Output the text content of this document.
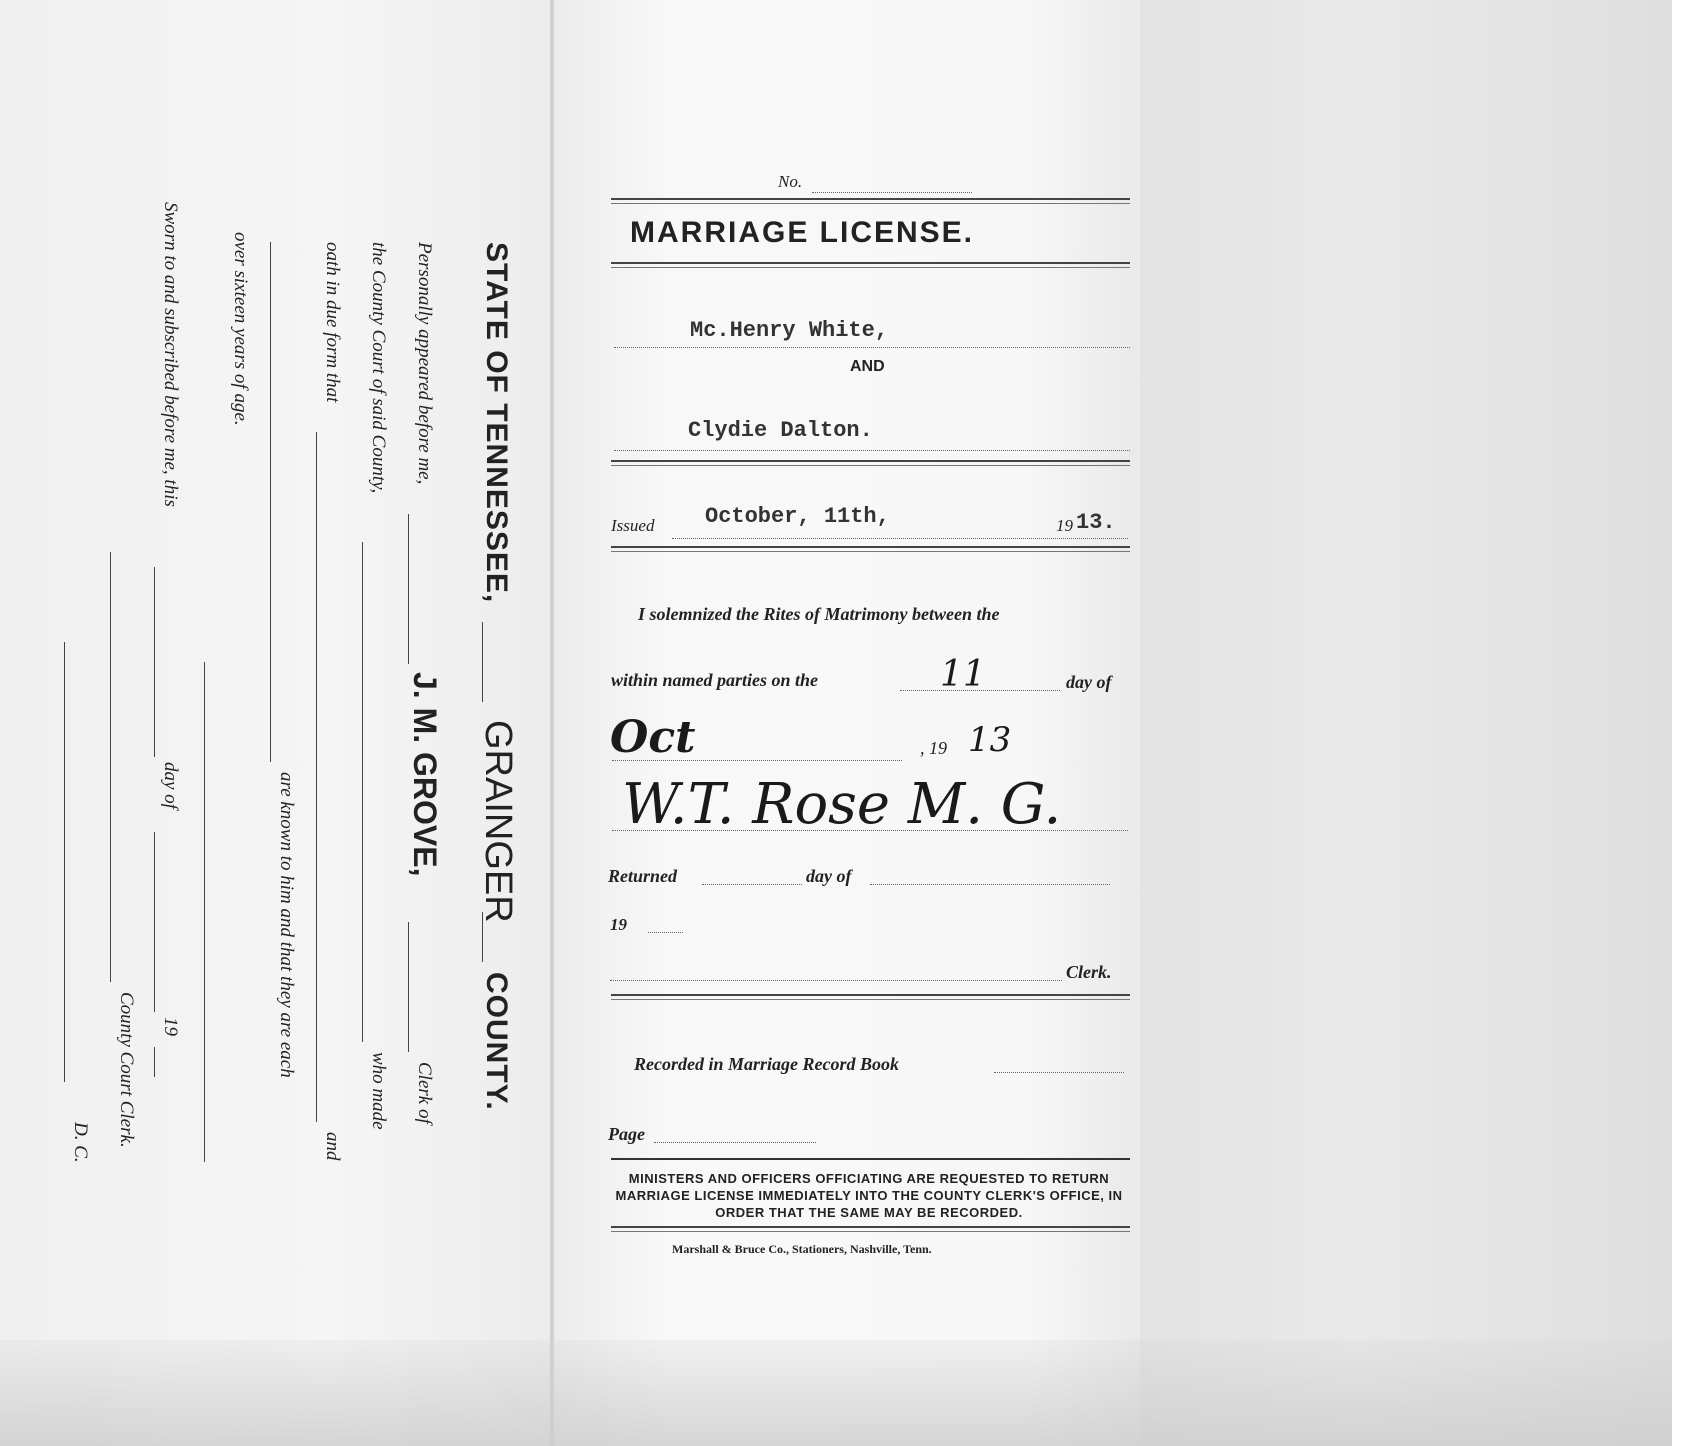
STATE OF TENNESSEE,
GRAINGER
COUNTY.
Personally appeared before me,
J. M. GROVE,
Clerk of
the County Court of said County,
who made
oath in due form that
and
are known to him and that they are each
over sixteen years of age.
Sworn to and subscribed before me, this
day of
19
County Court Clerk.
D. C.
No.
MARRIAGE LICENSE.
Mc.Henry White,
AND
Clydie Dalton.
Issued October, 11th,	19 13.
I solemnized the Rites of Matrimony between the
within named parties on the	11	day of
Oct	, 19 13
W.T. Rose M. G.
Returned	day of
19
Clerk.
Recorded in Marriage Record Book
Page
MINISTERS AND OFFICERS OFFICIATING ARE REQUESTED TO RETURN MARRIAGE LICENSE IMMEDIATELY INTO THE COUNTY CLERK'S OFFICE, IN ORDER THAT THE SAME MAY BE RECORDED.
Marshall & Bruce Co., Stationers, Nashville, Tenn.
